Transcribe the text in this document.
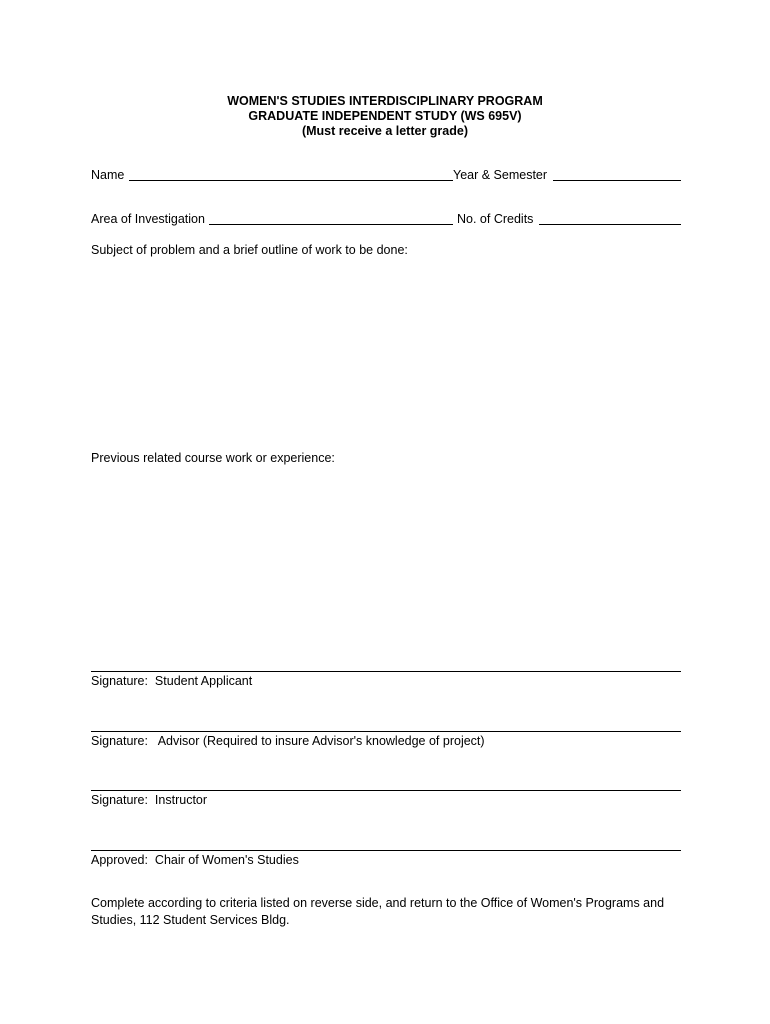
WOMEN'S STUDIES INTERDISCIPLINARY PROGRAM
GRADUATE INDEPENDENT STUDY (WS 695V)
(Must receive a letter grade)
Name	Year & Semester
Area of Investigation	No. of Credits
Subject of problem and a brief outline of work to be done:
Previous related course work or experience:
Signature:  Student Applicant
Signature:   Advisor (Required to insure Advisor's knowledge of project)
Signature:  Instructor
Approved:  Chair of Women's Studies
Complete according to criteria listed on reverse side, and return to the Office of Women's Programs and Studies, 112 Student Services Bldg.
